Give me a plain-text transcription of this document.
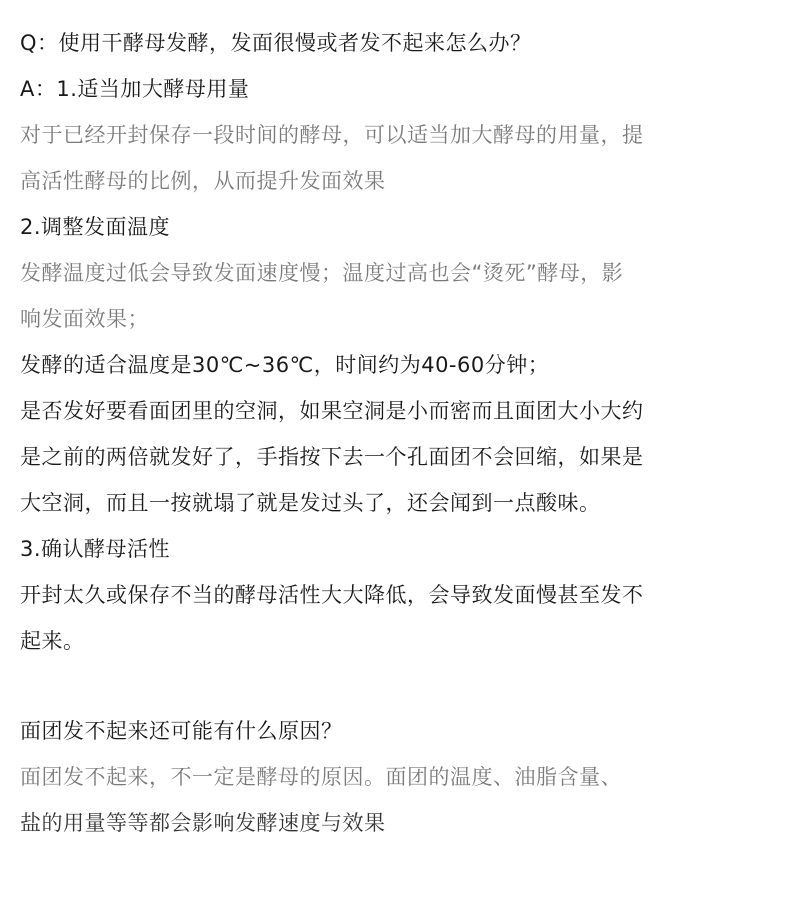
Q：使用干酵母发酵，发面很慢或者发不起来怎么办？
A：1.适当加大酵母用量
对于已经开封保存一段时间的酵母，可以适当加大酵母的用量，提
高活性酵母的比例，从而提升发面效果
2.调整发面温度
发酵温度过低会导致发面速度慢；温度过高也会“烫死”酵母，影
响发面效果；
发酵的适合温度是30℃~36℃，时间约为40-60分钟；
是否发好要看面团里的空洞，如果空洞是小而密而且面团大小大约
是之前的两倍就发好了，手指按下去一个孔面团不会回缩，如果是
大空洞，而且一按就塌了就是发过头了，还会闻到一点酸味。
3.确认酵母活性
开封太久或保存不当的酵母活性大大降低，会导致发面慢甚至发不
起来。
面团发不起来还可能有什么原因？
面团发不起来，不一定是酵母的原因。面团的温度、油脂含量、
盐的用量等等都会影响发酵速度与效果
